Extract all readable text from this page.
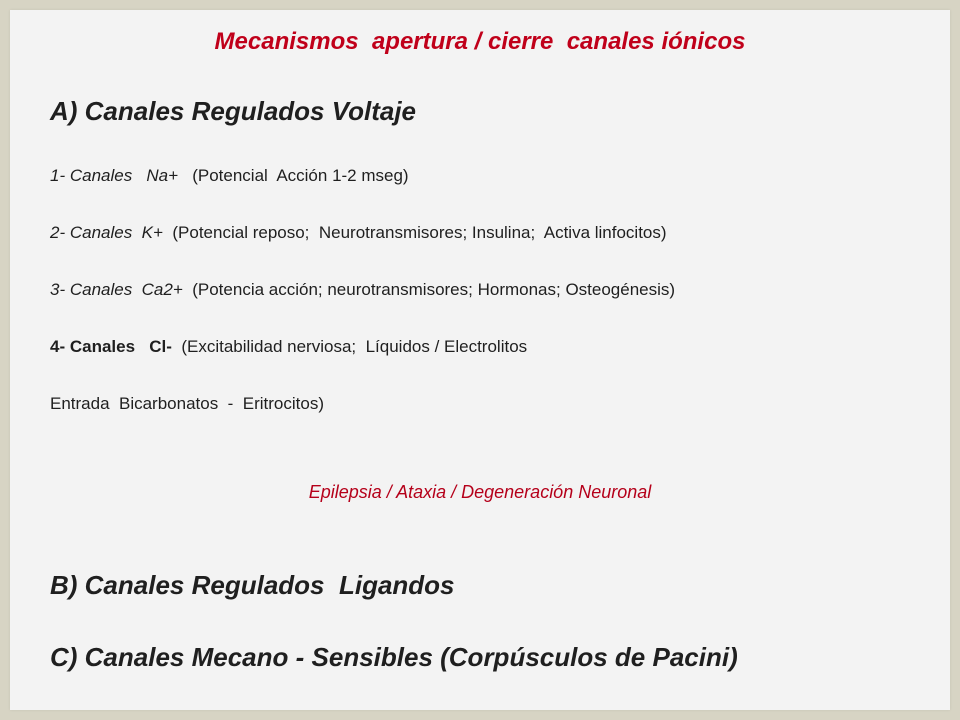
Mecanismos  apertura / cierre  canales iónicos
A) Canales Regulados Voltaje
1- Canales   Na+   (Potencial  Acción 1-2 mseg)
2- Canales  K+  (Potencial reposo;  Neurotransmisores; Insulina;  Activa linfocitos)
3- Canales  Ca2+  (Potencia acción; neurotransmisores; Hormonas; Osteogénesis)
4- Canales   Cl-  (Excitabilidad nerviosa;  Líquidos / Electrolitos
Entrada  Bicarbonatos  -  Eritrocitos)
Epilepsia / Ataxia / Degeneración Neuronal
B) Canales Regulados  Ligandos
C) Canales Mecano - Sensibles (Corpúsculos de Pacini)
